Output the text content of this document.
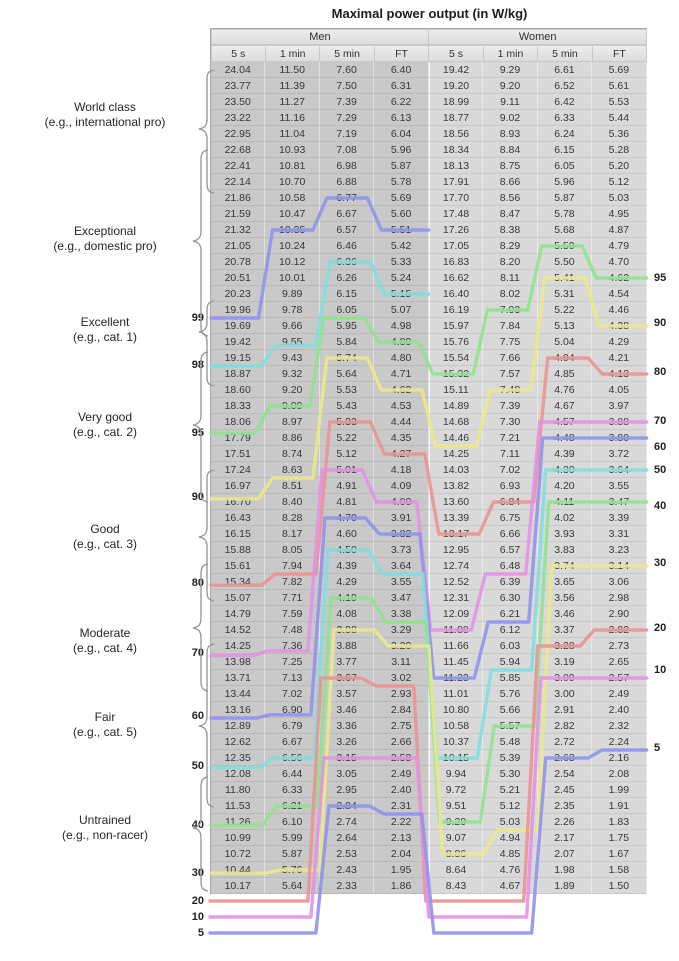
Maximal power output (in W/kg)
Men	Women
5 s	1 min	5 min	FT	5 s	1 min	5 min	FT
24.04	11.50	7.60	6.40	19.42	9.29	6.61	5.69
23.77	11.39	7.50	6.31	19.20	9.20	6.52	5.61
23.50	11.27	7.39	6.22	18.99	9.11	6.42	5.53
23.22	11.16	7.29	6.13	18.77	9.02	6.33	5.44
22.95	11.04	7.19	6.04	18.56	8.93	6.24	5.36
22.68	10.93	7.08	5.96	18.34	8.84	6.15	5.28
22.41	10.81	6.98	5.87	18.13	8.75	6.05	5.20
22.14	10.70	6.88	5.78	17.91	8.66	5.96	5.12
21.86	10.58	6.77	5.69	17.70	8.56	5.87	5.03
21.59	10.47	6.67	5.60	17.48	8.47	5.78	4.95
21.32	10.35	6.57	5.51	17.26	8.38	5.68	4.87
21.05	10.24	6.46	5.42	17.05	8.29	5.59	4.79
20.78	10.12	6.36	5.33	16.83	8.20	5.50	4.70
20.51	10.01	6.26	5.24	16.62	8.11	5.41	4.62
20.23	9.89	6.15	5.15	16.40	8.02	5.31	4.54
19.96	9.78	6.05	5.07	16.19	7.93	5.22	4.46
19.69	9.66	5.95	4.98	15.97	7.84	5.13	4.38
19.42	9.55	5.84	4.89	15.76	7.75	5.04	4.29
19.15	9.43	5.74	4.80	15.54	7.66	4.94	4.21
18.87	9.32	5.64	4.71	15.32	7.57	4.85	4.13
18.60	9.20	5.53	4.62	15.11	7.48	4.76	4.05
18.33	9.09	5.43	4.53	14.89	7.39	4.67	3.97
18.06	8.97	5.33	4.44	14.68	7.30	4.57	3.88
17.79	8.86	5.22	4.35	14.46	7.21	4.48	3.80
17.51	8.74	5.12	4.27	14.25	7.11	4.39	3.72
17.24	8.63	5.01	4.18	14.03	7.02	4.30	3.64
16.97	8.51	4.91	4.09	13.82	6.93	4.20	3.55
16.70	8.40	4.81	4.00	13.60	6.84	4.11	3.47
16.43	8.28	4.70	3.91	13.39	6.75	4.02	3.39
16.15	8.17	4.60	3.82	13.17	6.66	3.93	3.31
15.88	8.05	4.50	3.73	12.95	6.57	3.83	3.23
15.61	7.94	4.39	3.64	12.74	6.48	3.74	3.14
15.34	7.82	4.29	3.55	12.52	6.39	3.65	3.06
15.07	7.71	4.19	3.47	12.31	6.30	3.56	2.98
14.79	7.59	4.08	3.38	12.09	6.21	3.46	2.90
14.52	7.48	3.98	3.29	11.88	6.12	3.37	2.82
14.25	7.36	3.88	3.20	11.66	6.03	3.28	2.73
13.98	7.25	3.77	3.11	11.45	5.94	3.19	2.65
13.71	7.13	3.67	3.02	11.23	5.85	3.09	2.57
13.44	7.02	3.57	2.93	11.01	5.76	3.00	2.49
13.16	6.90	3.46	2.84	10.80	5.66	2.91	2.40
12.89	6.79	3.36	2.75	10.58	5.57	2.82	2.32
12.62	6.67	3.26	2.66	10.37	5.48	2.72	2.24
12.35	6.56	3.15	2.58	10.15	5.39	2.63	2.16
12.08	6.44	3.05	2.49	9.94	5.30	2.54	2.08
11.80	6.33	2.95	2.40	9.72	5.21	2.45	1.99
11.53	6.21	2.84	2.31	9.51	5.12	2.35	1.91
11.26	6.10	2.74	2.22	9.29	5.03	2.26	1.83
10.99	5.99	2.64	2.13	9.07	4.94	2.17	1.75
10.72	5.87	2.53	2.04	8.86	4.85	2.07	1.67
10.44	5.76	2.43	1.95	8.64	4.76	1.98	1.58
10.17	5.64	2.33	1.86	8.43	4.67	1.89	1.50
World class
(e.g., international pro)
Exceptional
(e.g., domestic pro)
Excellent
(e.g., cat. 1)
Very good
(e.g., cat. 2)
Good
(e.g., cat. 3)
Moderate
(e.g., cat. 4)
Fair
(e.g., cat. 5)
Untrained
(e.g., non-racer)
99
98
95
90
80
70
60
50
40
30
20
10
5
95
90
80
70
60
50
40
30
20
10
5
